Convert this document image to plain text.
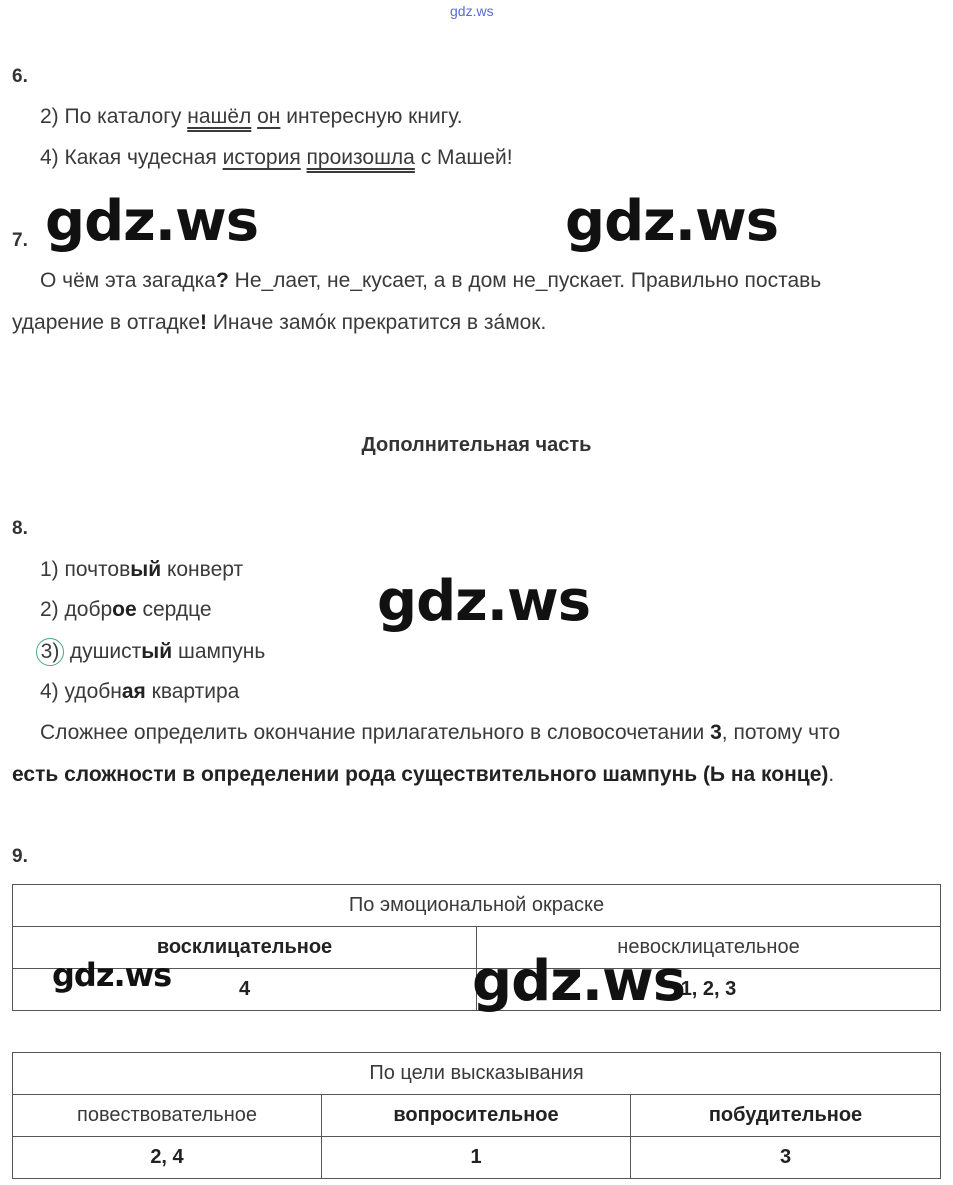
gdz.ws
6.
2) По каталогу нашёл он интересную книгу.
4) Какая чудесная история произошла с Машей!
7. gdz.ws	gdz.ws
О чём эта загадка? Не_лает, не_кусает, а в дом не_пускает. Правильно поставь
ударение в отгадке! Иначе замо́к прекратится в за́мок.
Дополнительная часть
8.
gdz.ws
1) почтовый конверт
2) доброе сердце
3) душистый шампунь
4) удобная квартира
Сложнее определить окончание прилагательного в словосочетании 3, потому что
есть сложности в определении рода существительного шампунь (Ь на конце).
9.
По эмоциональной окраске	
восклицательное	невосклицательное
4	1, 2, 3
gdz.ws	gdz.ws
По цели высказывания		
повествовательное	вопросительное	побудительное
2, 4	1	3
